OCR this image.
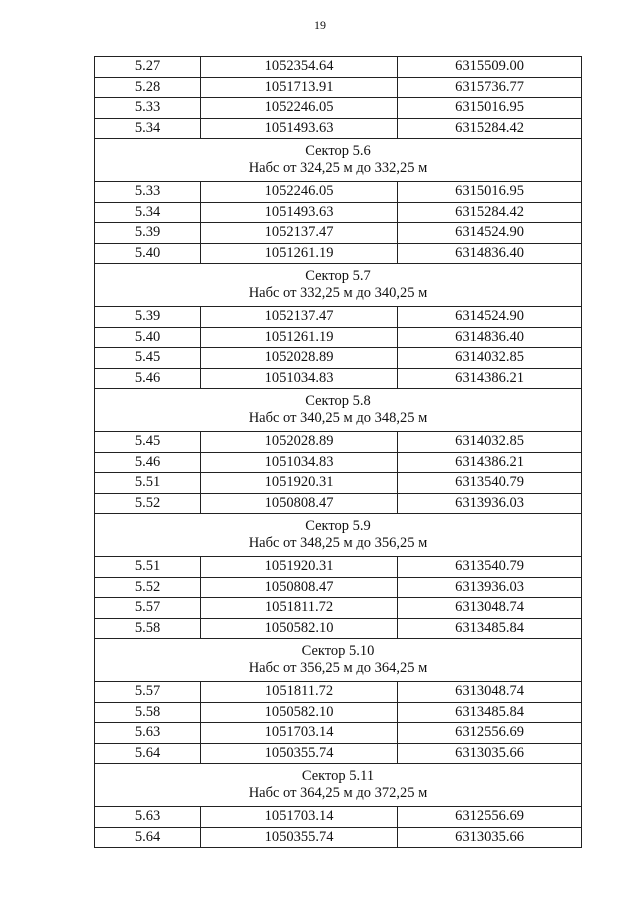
19
5.27	1052354.64	6315509.00
5.28	1051713.91	6315736.77
5.33	1052246.05	6315016.95
5.34	1051493.63	6315284.42

Сектор 5.6
Набс от 324,25 м до 332,25 м		

5.33	1052246.05	6315016.95
5.34	1051493.63	6315284.42
5.39	1052137.47	6314524.90
5.40	1051261.19	6314836.40

Сектор 5.7
Набс от 332,25 м до 340,25 м		

5.39	1052137.47	6314524.90
5.40	1051261.19	6314836.40
5.45	1052028.89	6314032.85
5.46	1051034.83	6314386.21

Сектор 5.8
Набс от 340,25 м до 348,25 м		

5.45	1052028.89	6314032.85
5.46	1051034.83	6314386.21
5.51	1051920.31	6313540.79
5.52	1050808.47	6313936.03

Сектор 5.9
Набс от 348,25 м до 356,25 м		

5.51	1051920.31	6313540.79
5.52	1050808.47	6313936.03
5.57	1051811.72	6313048.74
5.58	1050582.10	6313485.84

Сектор 5.10
Набс от 356,25 м до 364,25 м		

5.57	1051811.72	6313048.74
5.58	1050582.10	6313485.84
5.63	1051703.14	6312556.69
5.64	1050355.74	6313035.66

Сектор 5.11
Набс от 364,25 м до 372,25 м		

5.63	1051703.14	6312556.69
5.64	1050355.74	6313035.66
